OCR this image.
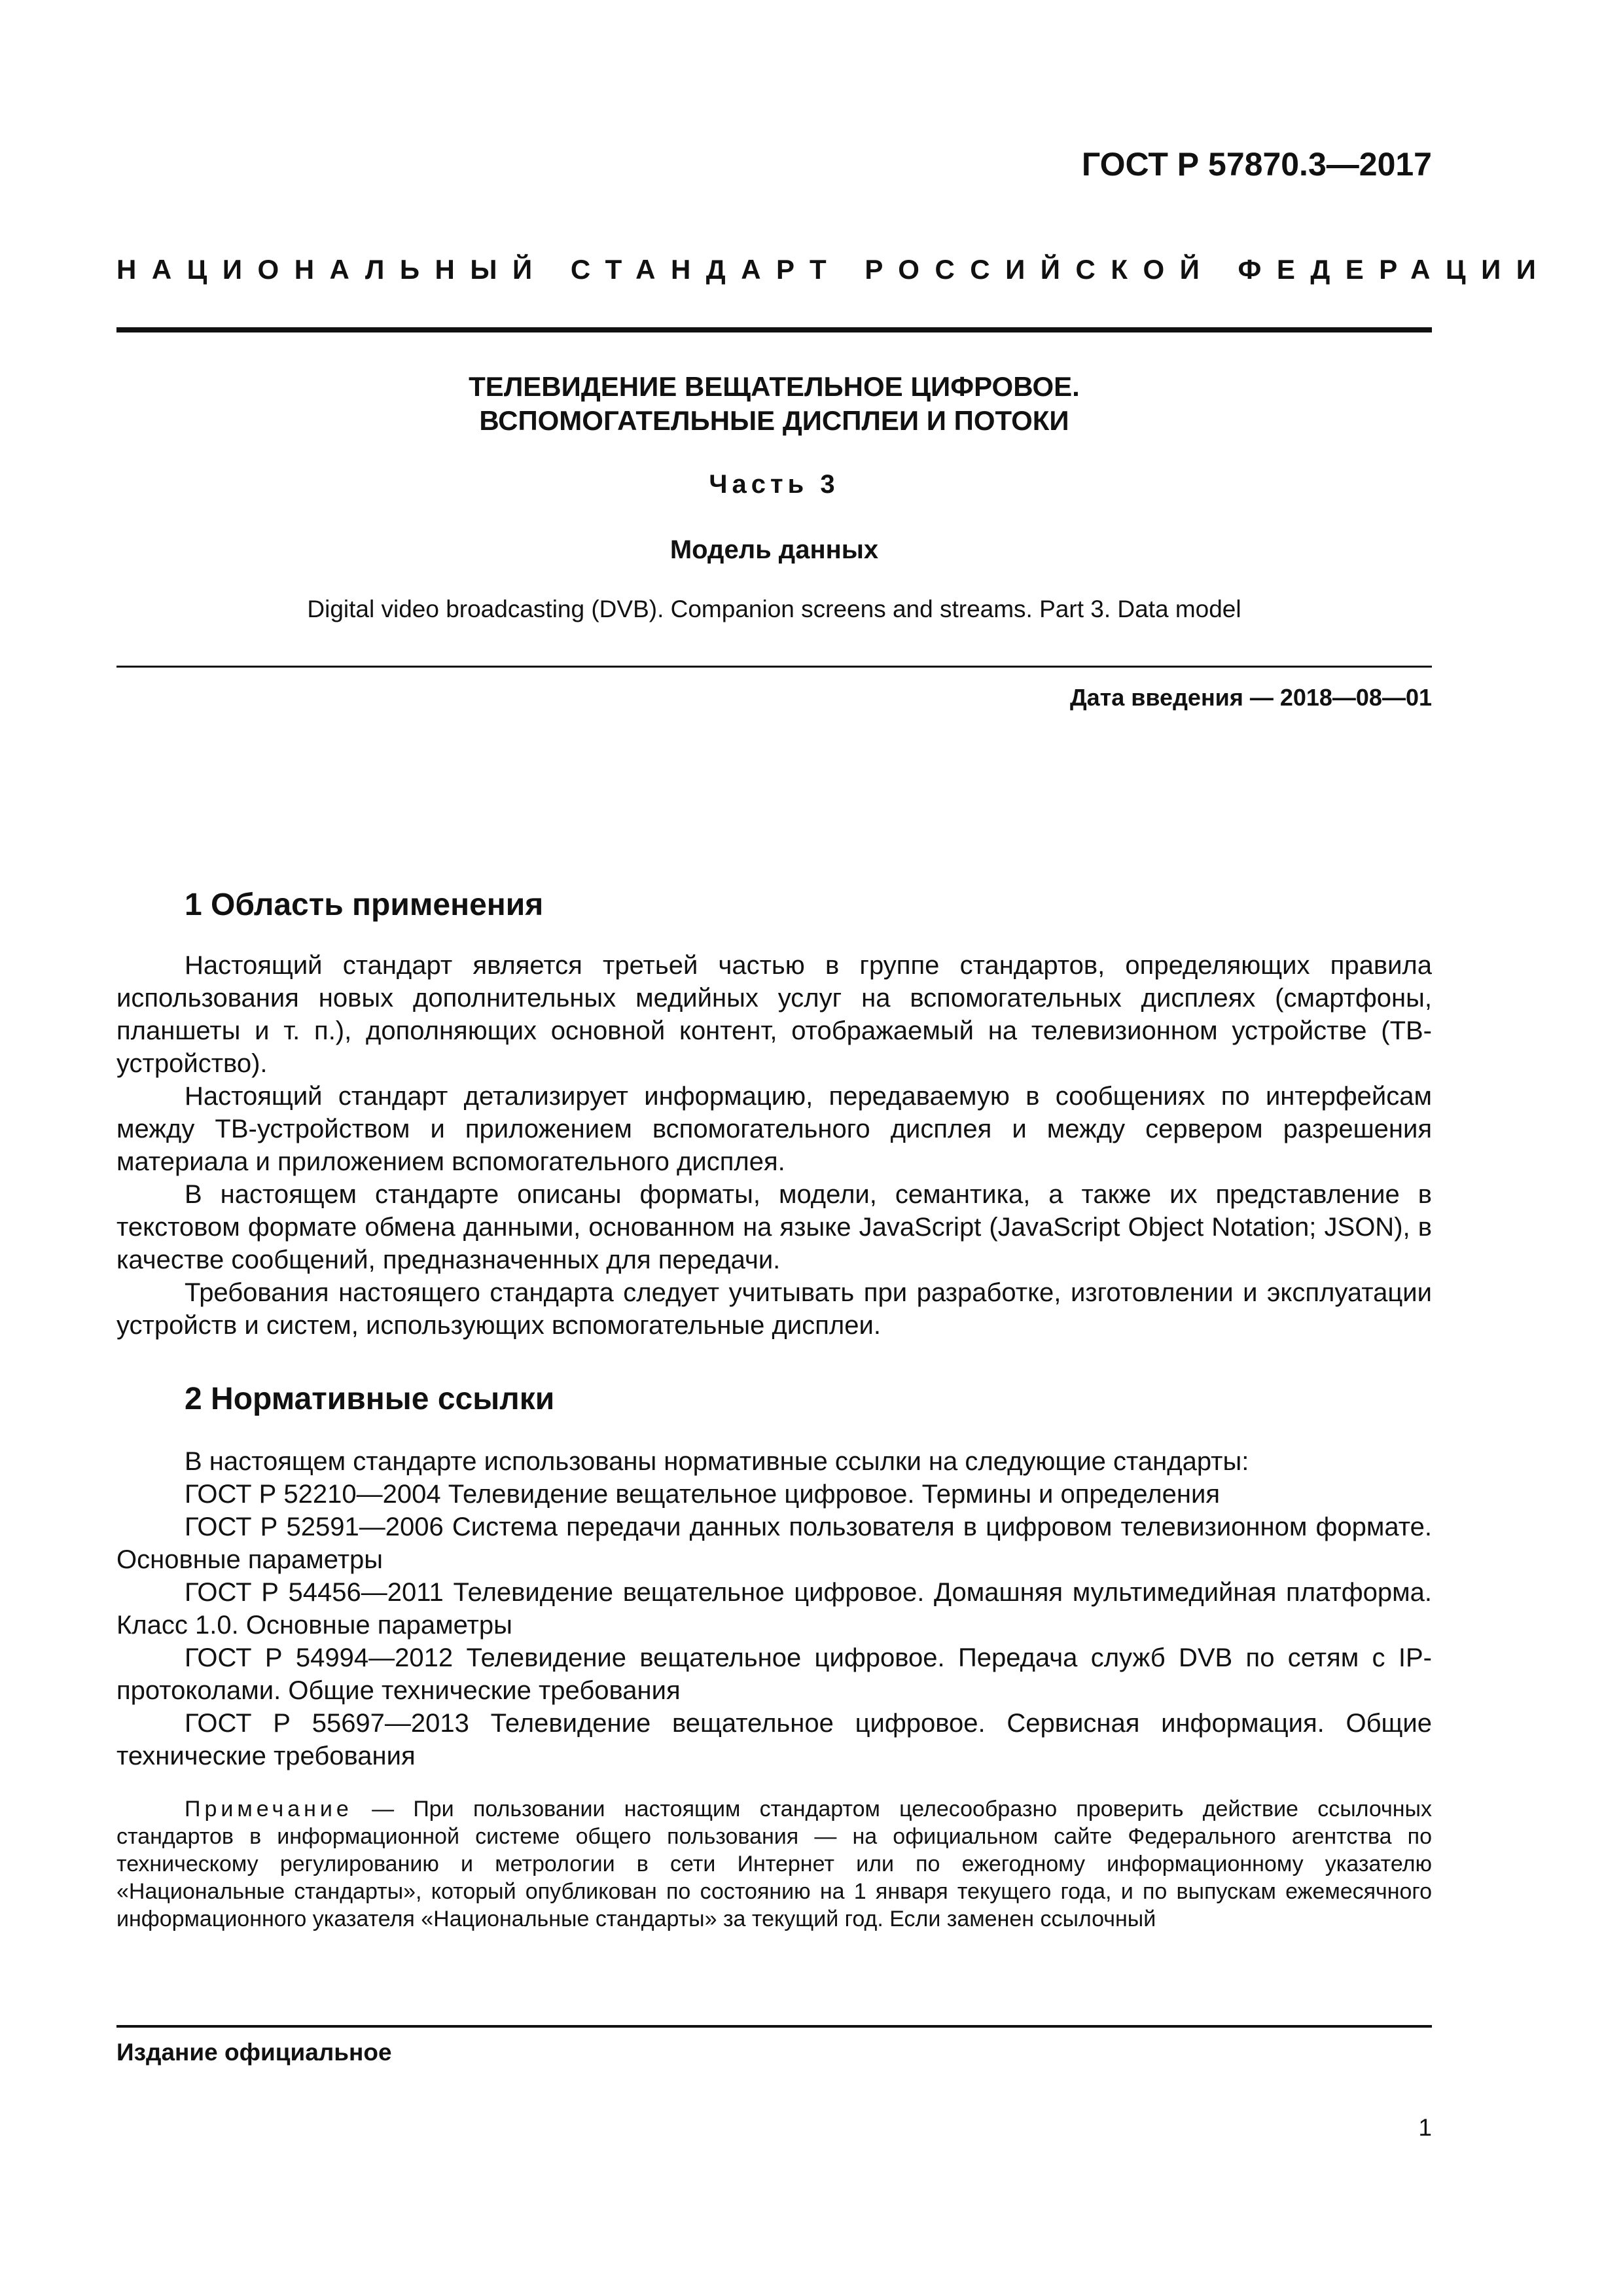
ГОСТ Р 57870.3—2017
НАЦИОНАЛЬНЫЙ СТАНДАРТ РОССИЙСКОЙ ФЕДЕРАЦИИ
ТЕЛЕВИДЕНИЕ ВЕЩАТЕЛЬНОЕ ЦИФРОВОЕ.
ВСПОМОГАТЕЛЬНЫЕ ДИСПЛЕИ И ПОТОКИ
Часть 3
Модель данных
Digital video broadcasting (DVB). Companion screens and streams. Part 3. Data model
Дата введения — 2018—08—01
1 Область применения

Настоящий стандарт является третьей частью в группе стандартов, определяющих правила использования новых дополнительных медийных услуг на вспомогательных дисплеях (смартфоны, планшеты и т. п.), дополняющих основной контент, отображаемый на телевизионном устройстве (ТВ-устройство).

Настоящий стандарт детализирует информацию, передаваемую в сообщениях по интерфейсам между ТВ-устройством и приложением вспомогательного дисплея и между сервером разрешения материала и приложением вспомогательного дисплея.

В настоящем стандарте описаны форматы, модели, семантика, а также их представление в текстовом формате обмена данными, основанном на языке JavaScript (JavaScript Object Notation; JSON), в качестве сообщений, предназначенных для передачи.

Требования настоящего стандарта следует учитывать при разработке, изготовлении и эксплуатации устройств и систем, использующих вспомогательные дисплеи.

2 Нормативные ссылки

В настоящем стандарте использованы нормативные ссылки на следующие стандарты:

ГОСТ Р 52210—2004 Телевидение вещательное цифровое. Термины и определения

ГОСТ Р 52591—2006 Система передачи данных пользователя в цифровом телевизионном формате. Основные параметры

ГОСТ Р 54456—2011 Телевидение вещательное цифровое. Домашняя мультимедийная платформа. Класс 1.0. Основные параметры

ГОСТ Р 54994—2012 Телевидение вещательное цифровое. Передача служб DVB по сетям с IP-протоколами. Общие технические требования

ГОСТ Р 55697—2013 Телевидение вещательное цифровое. Сервисная информация. Общие технические требования

Примечание — При пользовании настоящим стандартом целесообразно проверить действие ссылочных стандартов в информационной системе общего пользования — на официальном сайте Федерального агентства по техническому регулированию и метрологии в сети Интернет или по ежегодному информационному указателю «Национальные стандарты», который опубликован по состоянию на 1 января текущего года, и по выпускам ежемесячного информационного указателя «Национальные стандарты» за текущий год. Если заменен ссылочный
Издание официальное
1
